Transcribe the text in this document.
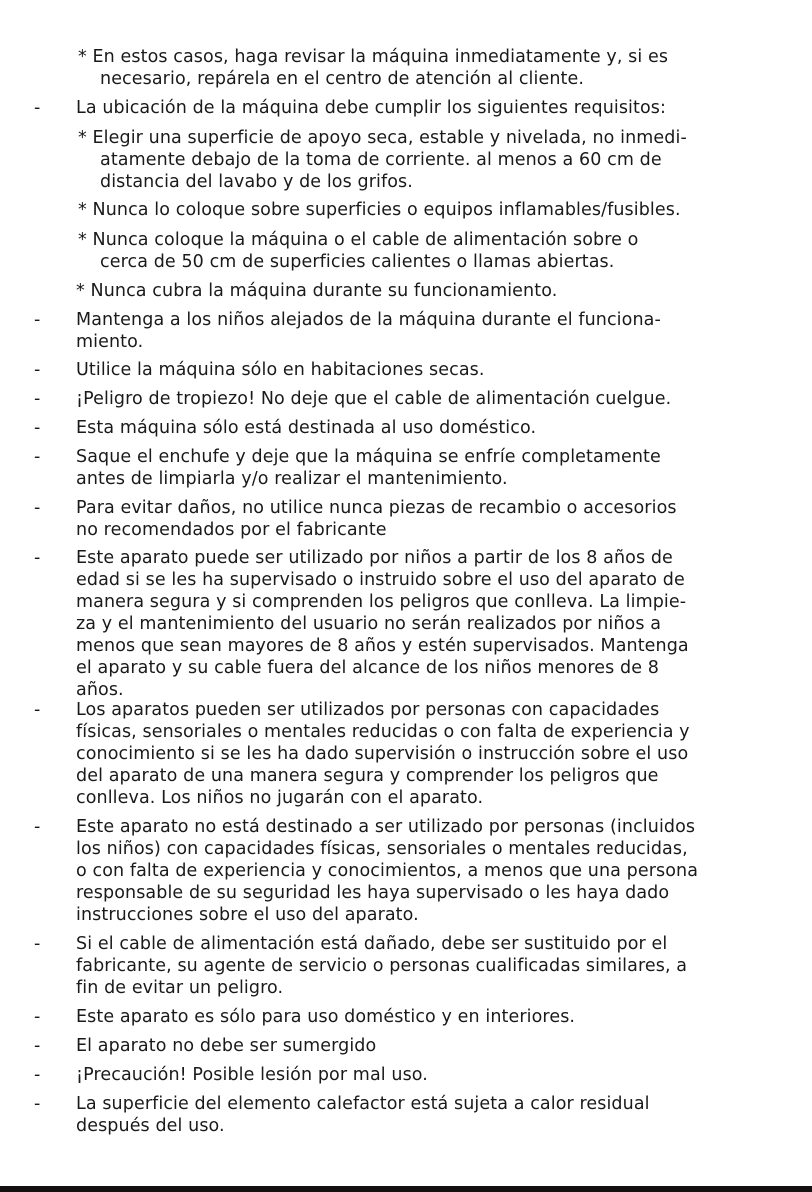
* En estos casos, haga revisar la máquina inmediatamente y, si es
necesario, repárela en el centro de atención al cliente.
- La ubicación de la máquina debe cumplir los siguientes requisitos:
* Elegir una superficie de apoyo seca, estable y nivelada, no inmedi-
atamente debajo de la toma de corriente. al menos a 60 cm de
distancia del lavabo y de los grifos.
* Nunca lo coloque sobre superficies o equipos inflamables/fusibles.
* Nunca coloque la máquina o el cable de alimentación sobre o
cerca de 50 cm de superficies calientes o llamas abiertas.
* Nunca cubra la máquina durante su funcionamiento.
- Mantenga a los niños alejados de la máquina durante el funciona-
miento.
- Utilice la máquina sólo en habitaciones secas.
- ¡Peligro de tropiezo! No deje que el cable de alimentación cuelgue.
- Esta máquina sólo está destinada al uso doméstico.
- Saque el enchufe y deje que la máquina se enfríe completamente
antes de limpiarla y/o realizar el mantenimiento.
- Para evitar daños, no utilice nunca piezas de recambio o accesorios
no recomendados por el fabricante
- Este aparato puede ser utilizado por niños a partir de los 8 años de
edad si se les ha supervisado o instruido sobre el uso del aparato de
manera segura y si comprenden los peligros que conlleva. La limpie-
za y el mantenimiento del usuario no serán realizados por niños a
menos que sean mayores de 8 años y estén supervisados. Mantenga
el aparato y su cable fuera del alcance de los niños menores de 8
años.
- Los aparatos pueden ser utilizados por personas con capacidades
físicas, sensoriales o mentales reducidas o con falta de experiencia y
conocimiento si se les ha dado supervisión o instrucción sobre el uso
del aparato de una manera segura y comprender los peligros que
conlleva. Los niños no jugarán con el aparato.
- Este aparato no está destinado a ser utilizado por personas (incluidos
los niños) con capacidades físicas, sensoriales o mentales reducidas,
o con falta de experiencia y conocimientos, a menos que una persona
responsable de su seguridad les haya supervisado o les haya dado
instrucciones sobre el uso del aparato.
- Si el cable de alimentación está dañado, debe ser sustituido por el
fabricante, su agente de servicio o personas cualificadas similares, a
fin de evitar un peligro.
- Este aparato es sólo para uso doméstico y en interiores.
- El aparato no debe ser sumergido
- ¡Precaución! Posible lesión por mal uso.
- La superficie del elemento calefactor está sujeta a calor residual
después del uso.
